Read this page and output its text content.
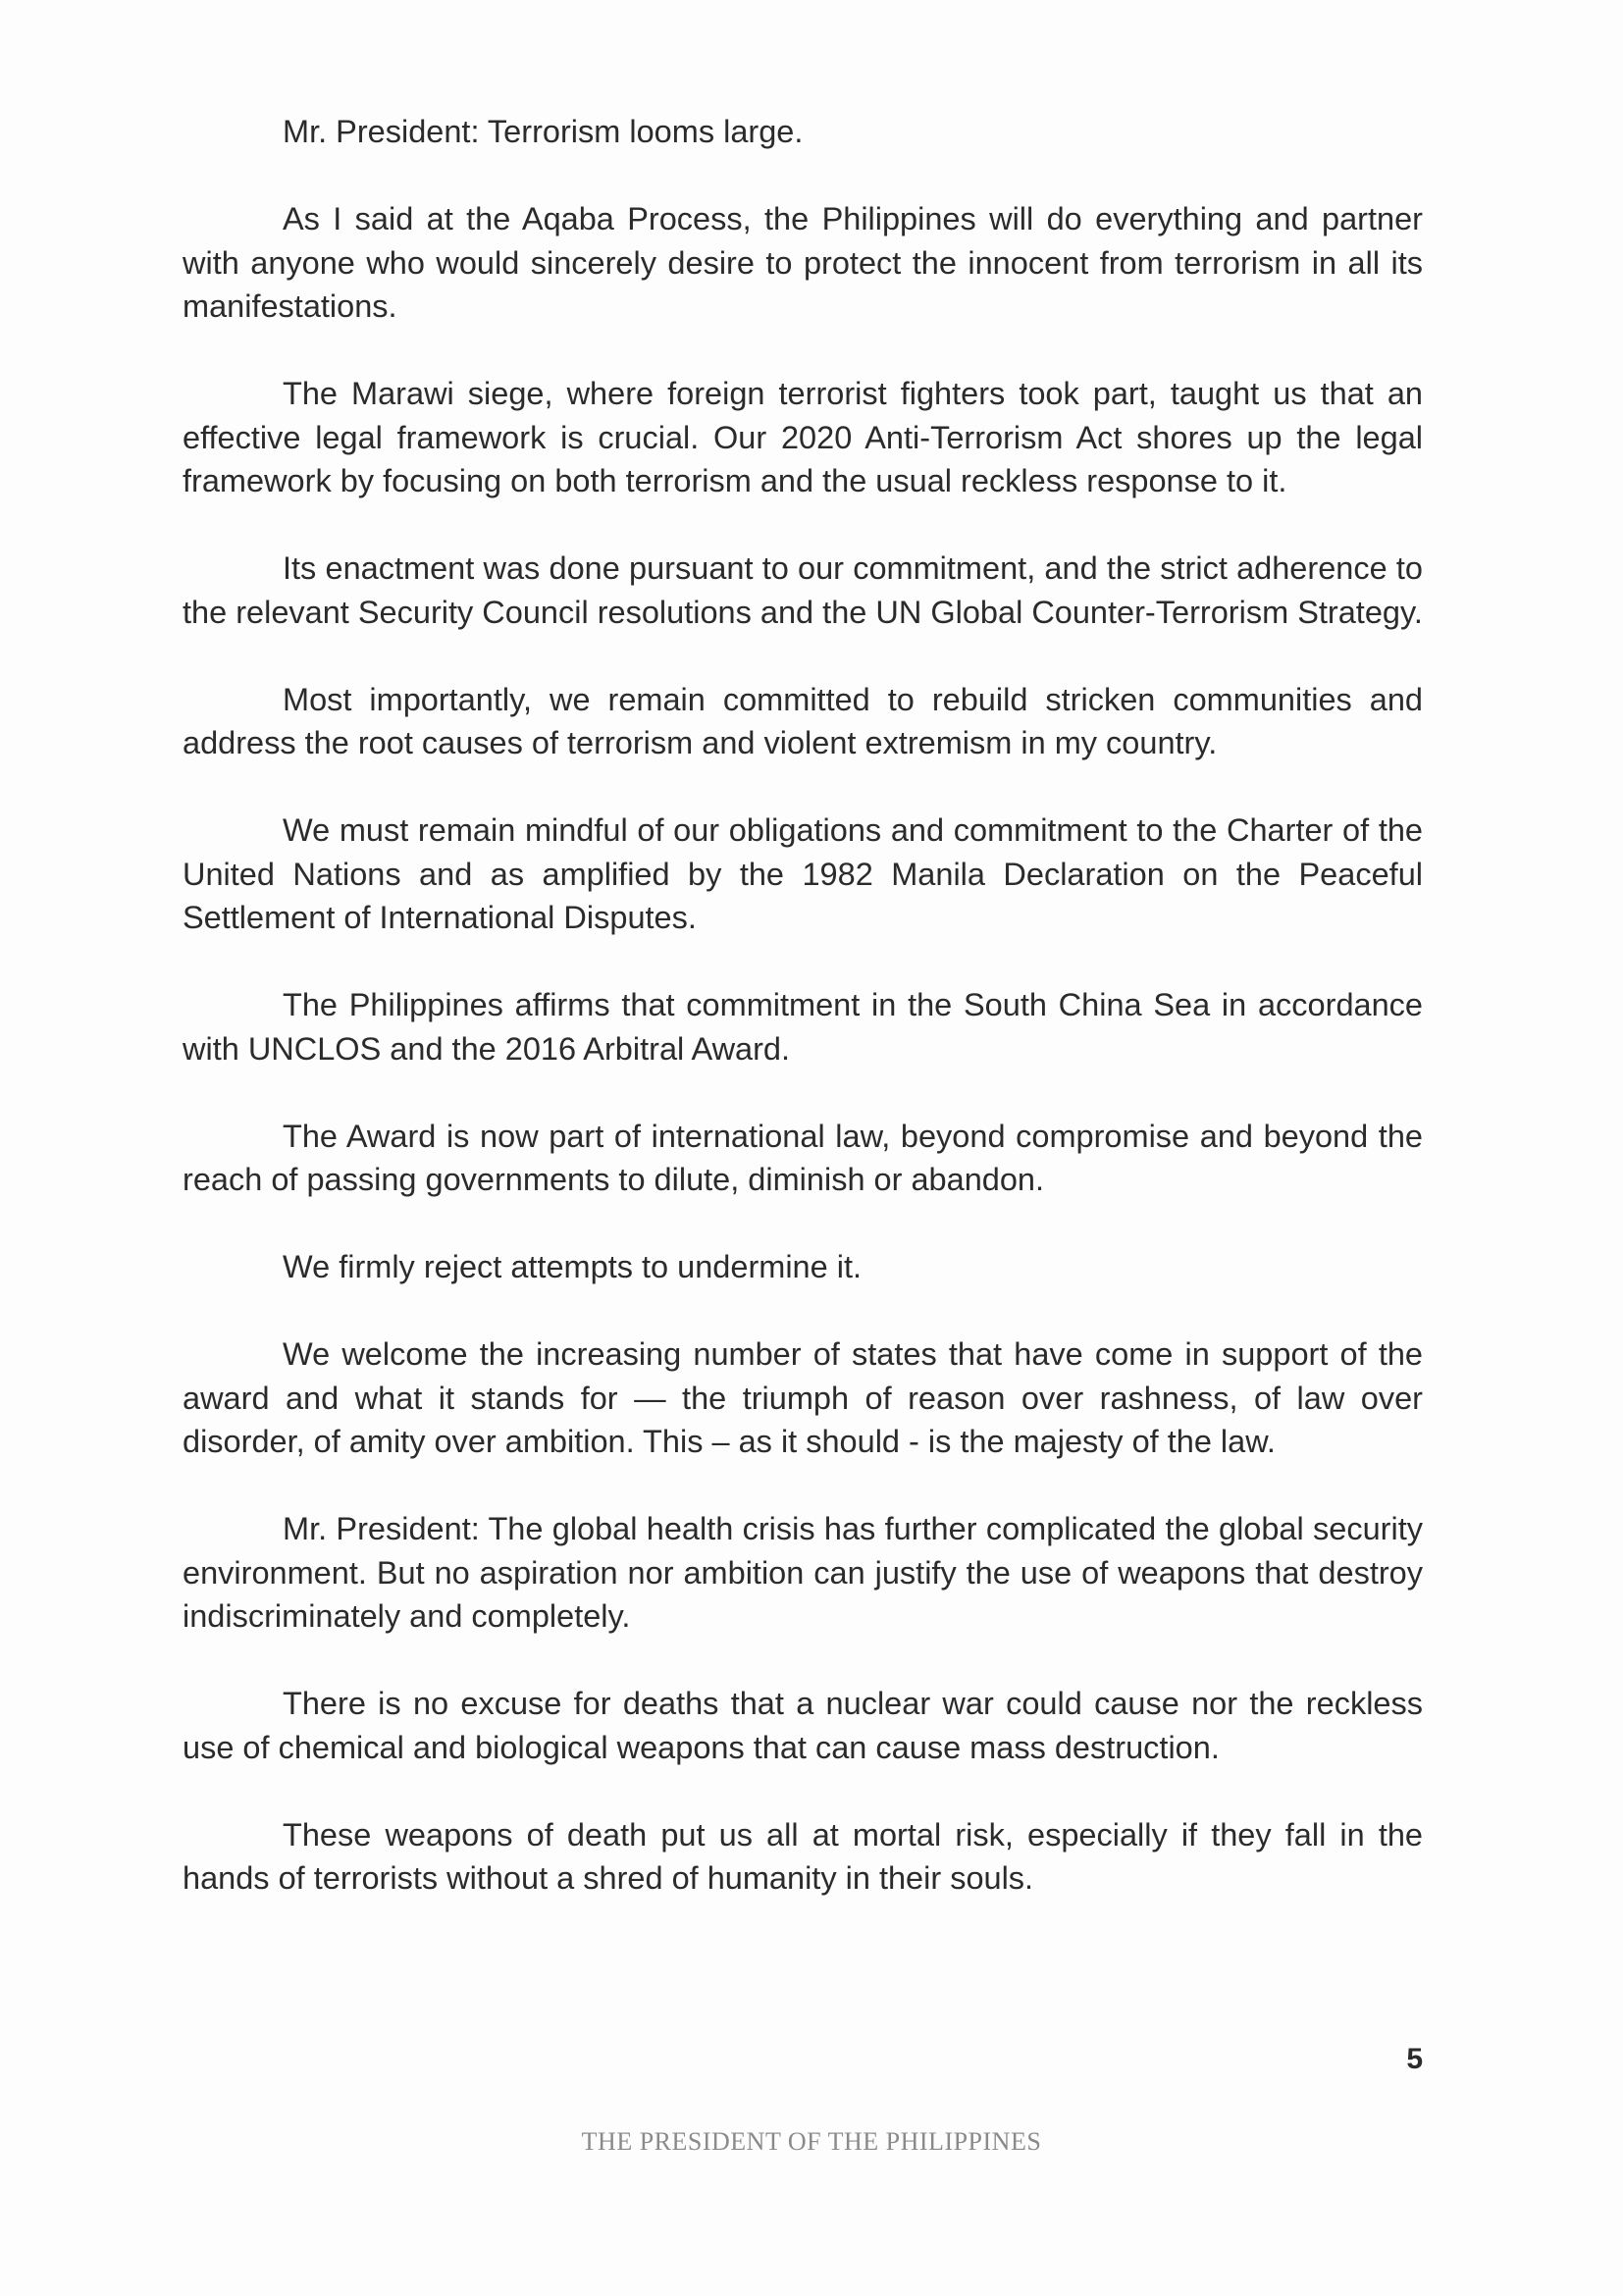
Mr. President: Terrorism looms large.

As I said at the Aqaba Process, the Philippines will do everything and partner with anyone who would sincerely desire to protect the innocent from terrorism in all its manifestations.

The Marawi siege, where foreign terrorist fighters took part, taught us that an effective legal framework is crucial. Our 2020 Anti-Terrorism Act shores up the legal framework by focusing on both terrorism and the usual reckless response to it.

Its enactment was done pursuant to our commitment, and the strict adherence to the relevant Security Council resolutions and the UN Global Counter-Terrorism Strategy.

Most importantly, we remain committed to rebuild stricken communities and address the root causes of terrorism and violent extremism in my country.

We must remain mindful of our obligations and commitment to the Charter of the United Nations and as amplified by the 1982 Manila Declaration on the Peaceful Settlement of International Disputes.

The Philippines affirms that commitment in the South China Sea in accordance with UNCLOS and the 2016 Arbitral Award.

The Award is now part of international law, beyond compromise and beyond the reach of passing governments to dilute, diminish or abandon.

We firmly reject attempts to undermine it.

We welcome the increasing number of states that have come in support of the award and what it stands for — the triumph of reason over rashness, of law over disorder, of amity over ambition. This – as it should - is the majesty of the law.

Mr. President: The global health crisis has further complicated the global security environment. But no aspiration nor ambition can justify the use of weapons that destroy indiscriminately and completely.

There is no excuse for deaths that a nuclear war could cause nor the reckless use of chemical and biological weapons that can cause mass destruction.

These weapons of death put us all at mortal risk, especially if they fall in the hands of terrorists without a shred of humanity in their souls.

5
THE PRESIDENT OF THE PHILIPPINES
